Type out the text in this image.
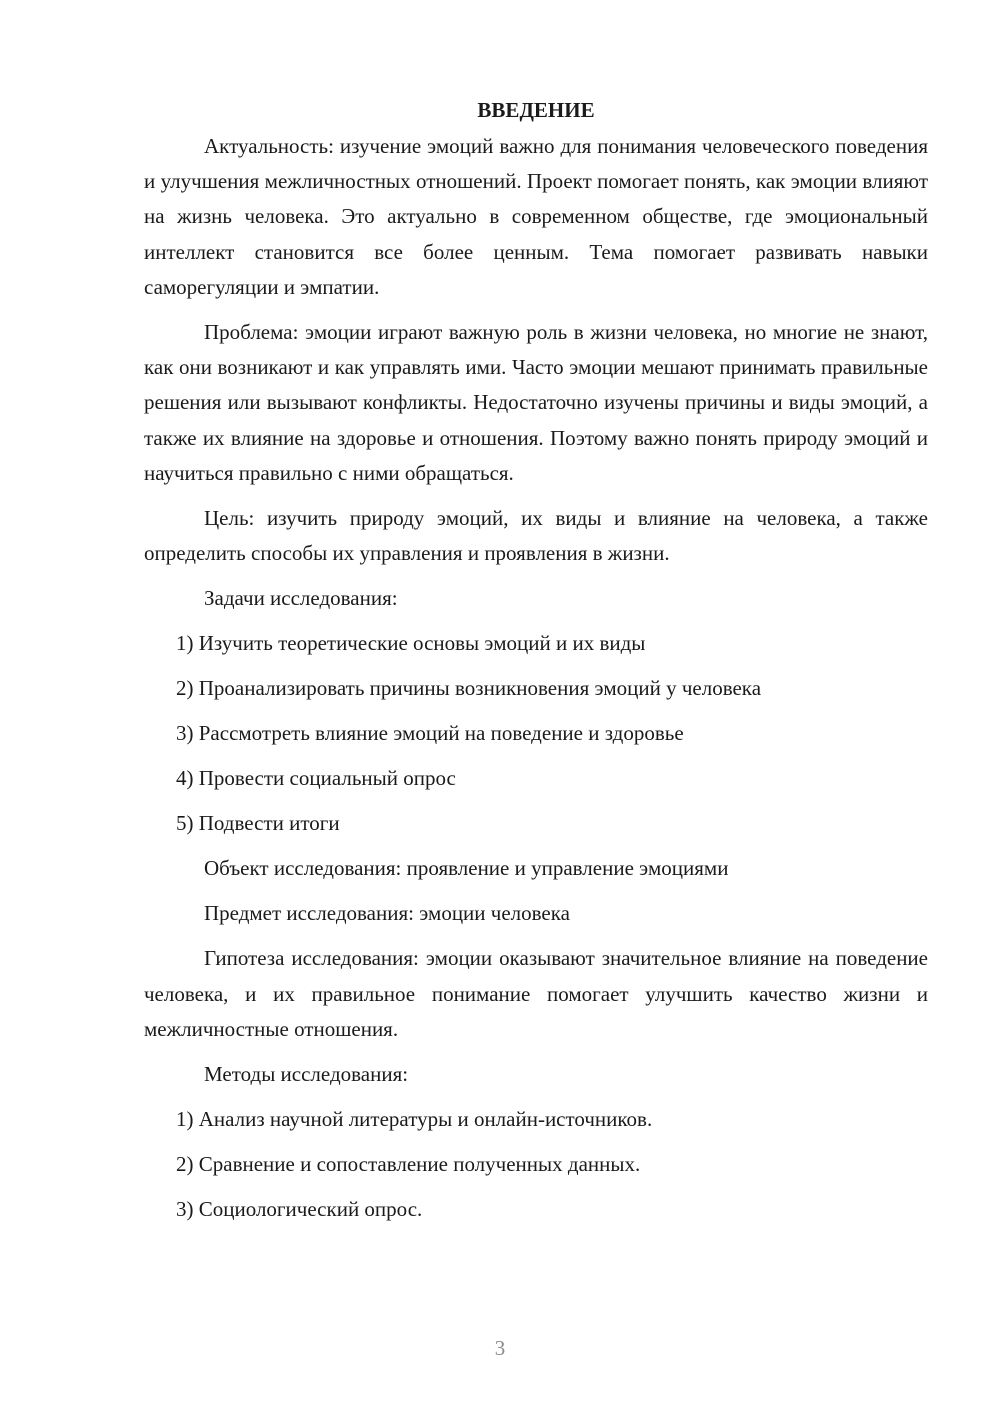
ВВЕДЕНИЕ

Актуальность: изучение эмоций важно для понимания человеческого поведения и улучшения межличностных отношений. Проект помогает понять, как эмоции влияют на жизнь человека. Это актуально в современном обществе, где эмоциональный интеллект становится все более ценным. Тема помогает развивать навыки саморегуляции и эмпатии.

Проблема: эмоции играют важную роль в жизни человека, но многие не знают, как они возникают и как управлять ими. Часто эмоции мешают принимать правильные решения или вызывают конфликты. Недостаточно изучены причины и виды эмоций, а также их влияние на здоровье и отношения. Поэтому важно понять природу эмоций и научиться правильно с ними обращаться.

Цель: изучить природу эмоций, их виды и влияние на человека, а также определить способы их управления и проявления в жизни.

Задачи исследования:

1) Изучить теоретические основы эмоций и их виды

2) Проанализировать причины возникновения эмоций у человека

3) Рассмотреть влияние эмоций на поведение и здоровье

4) Провести социальный опрос

5) Подвести итоги

Объект исследования: проявление и управление эмоциями

Предмет исследования: эмоции человека

Гипотеза исследования: эмоции оказывают значительное влияние на поведение человека, и их правильное понимание помогает улучшить качество жизни и межличностные отношения.

Методы исследования:

1) Анализ научной литературы и онлайн-источников.

2) Сравнение и сопоставление полученных данных.

3) Социологический опрос.

3
